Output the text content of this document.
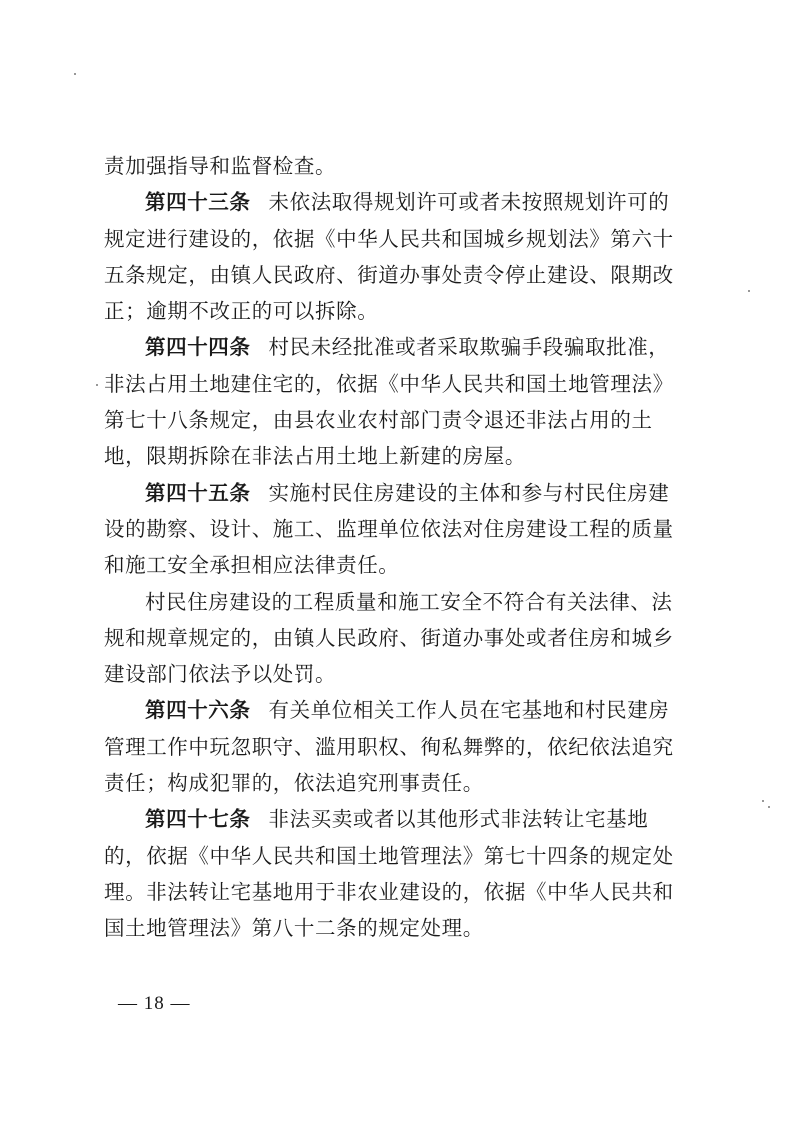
责加强指导和监督检查。

第四十三条 未依法取得规划许可或者未按照规划许可的规定进行建设的，依据《中华人民共和国城乡规划法》第六十五条规定，由镇人民政府、街道办事处责令停止建设、限期改正；逾期不改正的可以拆除。

第四十四条 村民未经批准或者采取欺骗手段骗取批准，非法占用土地建住宅的，依据《中华人民共和国土地管理法》第七十八条规定，由县农业农村部门责令退还非法占用的土地，限期拆除在非法占用土地上新建的房屋。

第四十五条 实施村民住房建设的主体和参与村民住房建设的勘察、设计、施工、监理单位依法对住房建设工程的质量和施工安全承担相应法律责任。

村民住房建设的工程质量和施工安全不符合有关法律、法规和规章规定的，由镇人民政府、街道办事处或者住房和城乡建设部门依法予以处罚。

第四十六条 有关单位相关工作人员在宅基地和村民建房管理工作中玩忽职守、滥用职权、徇私舞弊的，依纪依法追究责任；构成犯罪的，依法追究刑事责任。

第四十七条 非法买卖或者以其他形式非法转让宅基地的，依据《中华人民共和国土地管理法》第七十四条的规定处理。非法转让宅基地用于非农业建设的，依据《中华人民共和国土地管理法》第八十二条的规定处理。

— 18 —
